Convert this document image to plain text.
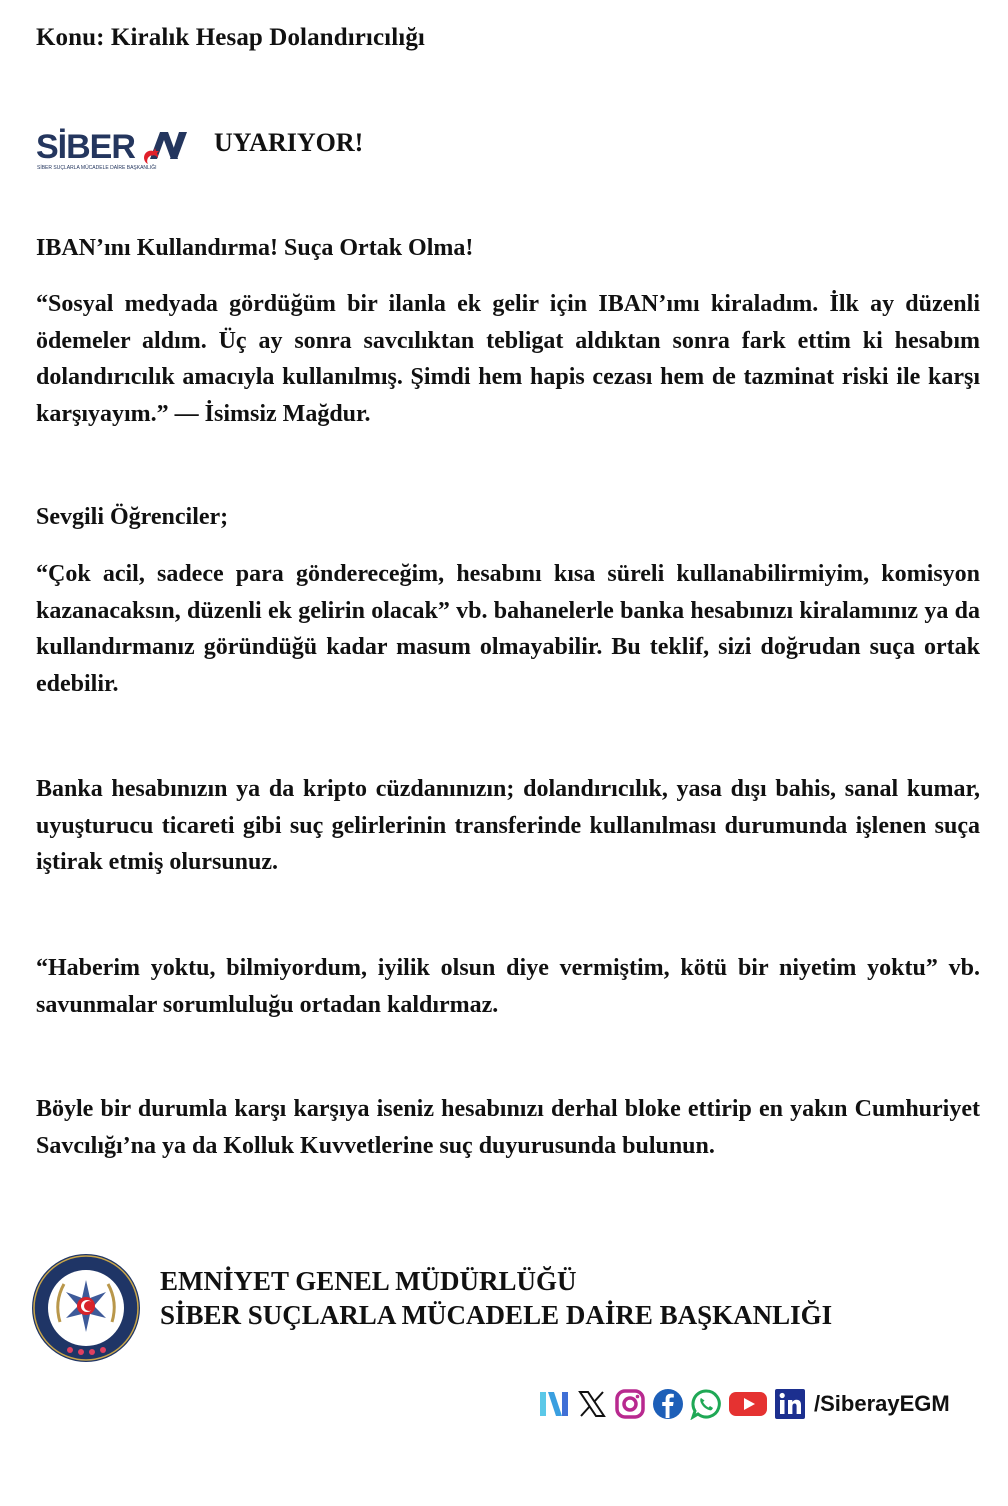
Konu: Kiralık Hesap Dolandırıcılığı
SİBER
SİBER SUÇLARLA MÜCADELE DAİRE BAŞKANLIĞI
UYARIYOR!
IBAN’ını Kullandırma! Suça Ortak Olma!
“Sosyal medyada gördüğüm bir ilanla ek gelir için IBAN’ımı kiraladım. İlk ay düzenli ödemeler aldım. Üç ay sonra savcılıktan tebligat aldıktan sonra fark ettim ki hesabım dolandırıcılık amacıyla kullanılmış. Şimdi hem hapis cezası hem de tazminat riski ile karşı karşıyayım.” — İsimsiz Mağdur.
Sevgili Öğrenciler;
“Çok acil, sadece para göndereceğim, hesabını kısa süreli kullanabilirmiyim, komisyon kazanacaksın, düzenli ek gelirin olacak” vb. bahanelerle banka hesabınızı kiralamınız ya da kullandırmanız göründüğü kadar masum olmayabilir. Bu teklif, sizi doğrudan suça ortak edebilir.
Banka hesabınızın ya da kripto cüzdanınızın; dolandırıcılık, yasa dışı bahis, sanal kumar, uyuşturucu ticareti gibi suç gelirlerinin transferinde kullanılması durumunda işlenen suça iştirak etmiş olursunuz.
“Haberim yoktu, bilmiyordum, iyilik olsun diye vermiştim, kötü bir niyetim yoktu” vb. savunmalar sorumluluğu ortadan kaldırmaz.
Böyle bir durumla karşı karşıya iseniz hesabınızı derhal bloke ettirip en yakın Cumhuriyet Savcılığı’na ya da Kolluk Kuvvetlerine suç duyurusunda bulunun.
EGM
EMNİYET GENEL MÜDÜRLÜĞÜ
SİBER SUÇLARLA MÜCADELE DAİRE BAŞKANLIĞI
/SiberayEGM
